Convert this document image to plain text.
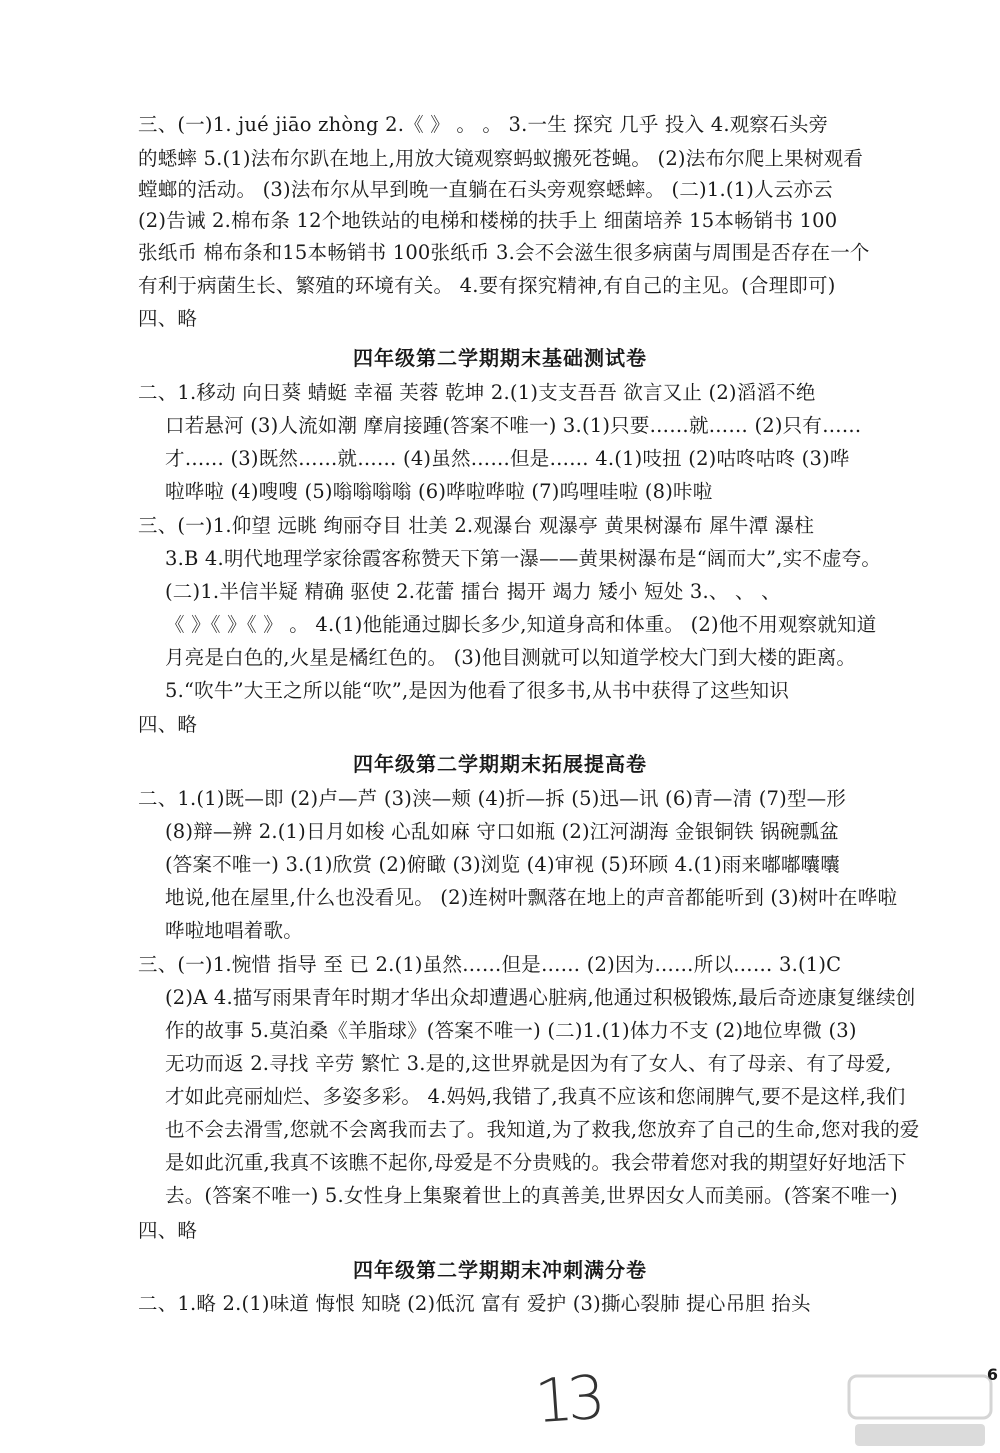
三、(一)1. jué jiāo zhòng 2.《 》 。 。 3.一生 探究 几乎 投入 4.观察石头旁
的蟋蟀 5.(1)法布尔趴在地上,用放大镜观察蚂蚁搬死苍蝇。 (2)法布尔爬上果树观看
螳螂的活动。 (3)法布尔从早到晚一直躺在石头旁观察蟋蟀。 (二)1.(1)人云亦云
(2)告诫 2.棉布条 12个地铁站的电梯和楼梯的扶手上 细菌培养 15本畅销书 100
张纸币 棉布条和15本畅销书 100张纸币 3.会不会滋生很多病菌与周围是否存在一个
有利于病菌生长、繁殖的环境有关。 4.要有探究精神,有自己的主见。(合理即可)
四、略
四年级第二学期期末基础测试卷
二、1.移动 向日葵 蜻蜓 幸福 芙蓉 乾坤 2.(1)支支吾吾 欲言又止 (2)滔滔不绝
口若悬河 (3)人流如潮 摩肩接踵(答案不唯一) 3.(1)只要……就…… (2)只有……
才…… (3)既然……就…… (4)虽然……但是…… 4.(1)吱扭 (2)咕咚咕咚 (3)哗
啦哗啦 (4)嗖嗖 (5)嗡嗡嗡嗡 (6)哗啦哗啦 (7)呜哩哇啦 (8)咔啦
三、(一)1.仰望 远眺 绚丽夺目 壮美 2.观瀑台 观瀑亭 黄果树瀑布 犀牛潭 瀑柱
3.B 4.明代地理学家徐霞客称赞天下第一瀑——黄果树瀑布是“阔而大”,实不虚夸。
(二)1.半信半疑 精确 驱使 2.花蕾 擂台 揭开 竭力 矮小 短处 3.、 、 、
《 》《 》《 》 。 4.(1)他能通过脚长多少,知道身高和体重。 (2)他不用观察就知道
月亮是白色的,火星是橘红色的。 (3)他目测就可以知道学校大门到大楼的距离。
5.“吹牛”大王之所以能“吹”,是因为他看了很多书,从书中获得了这些知识
四、略
四年级第二学期期末拓展提高卷
二、1.(1)既—即 (2)卢—芦 (3)浃—颊 (4)折—拆 (5)迅—讯 (6)青—清 (7)型—形
(8)辩—辨 2.(1)日月如梭 心乱如麻 守口如瓶 (2)江河湖海 金银铜铁 锅碗瓢盆
(答案不唯一) 3.(1)欣赏 (2)俯瞰 (3)浏览 (4)审视 (5)环顾 4.(1)雨来嘟嘟囔囔
地说,他在屋里,什么也没看见。 (2)连树叶飘落在地上的声音都能听到 (3)树叶在哗啦
哗啦地唱着歌。
三、(一)1.惋惜 指导 至 已 2.(1)虽然……但是…… (2)因为……所以…… 3.(1)C
(2)A 4.描写雨果青年时期才华出众却遭遇心脏病,他通过积极锻炼,最后奇迹康复继续创
作的故事 5.莫泊桑《羊脂球》(答案不唯一) (二)1.(1)体力不支 (2)地位卑微 (3)
无功而返 2.寻找 辛劳 繁忙 3.是的,这世界就是因为有了女人、有了母亲、有了母爱,
才如此亮丽灿烂、多姿多彩。 4.妈妈,我错了,我真不应该和您闹脾气,要不是这样,我们
也不会去滑雪,您就不会离我而去了。我知道,为了救我,您放弃了自己的生命,您对我的爱
是如此沉重,我真不该瞧不起你,母爱是不分贵贱的。我会带着您对我的期望好好地活下
去。(答案不唯一) 5.女性身上集聚着世上的真善美,世界因女人而美丽。(答案不唯一)
四、略
四年级第二学期期末冲刺满分卷
二、1.略 2.(1)味道 悔恨 知晓 (2)低沉 富有 爱护 (3)撕心裂肺 提心吊胆 抬头
13	6
